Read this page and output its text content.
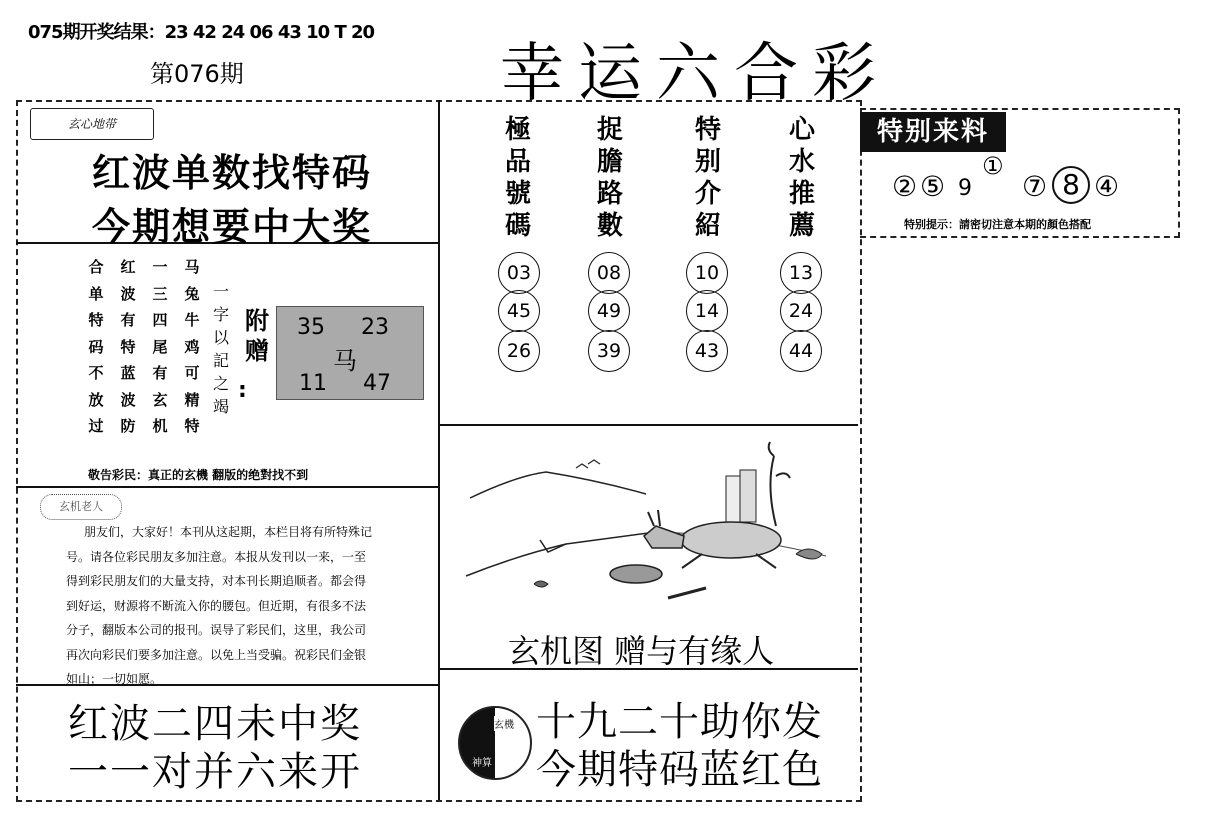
075期开奖结果：23 42 24 06 43 10 T 20
第076期	幸运六合彩
玄心地带
红波单数找特码
今期想要中大奖
合单特码不放过
红波有特蓝波防
一三四尾有玄机
马兔牛鸡可精特
一字以記之竭
附赠
:
35 23
马
11 47
敬告彩民：真正的玄機 翻版的绝對找不到
玄机老人
朋友们，大家好！本刊从这起期，本栏目将有所特殊记
号。请各位彩民朋友多加注意。本报从发刊以一来，一至
得到彩民朋友们的大量支持，对本刊长期追顺者。都会得
到好运，财源将不断流入你的腰包。但近期，有很多不法
分子，翻版本公司的报刊。误导了彩民们，这里，我公司
再次向彩民们要多加注意。以免上当受骗。祝彩民们金银
如山；一切如愿。
红波二四未中奖
一一对并六来开
極品號碼
捉膽路數
特别介紹
心水推薦
03
45
26
08
49
39
10
14
43
13
24
44
玄机图 赠与有缘人
玄機
神算
十九二十助你发
今期特码蓝红色
特别来料
② ⑤ 9
①
⑦ 8 ④
特别提示：請密切注意本期的顏色搭配
